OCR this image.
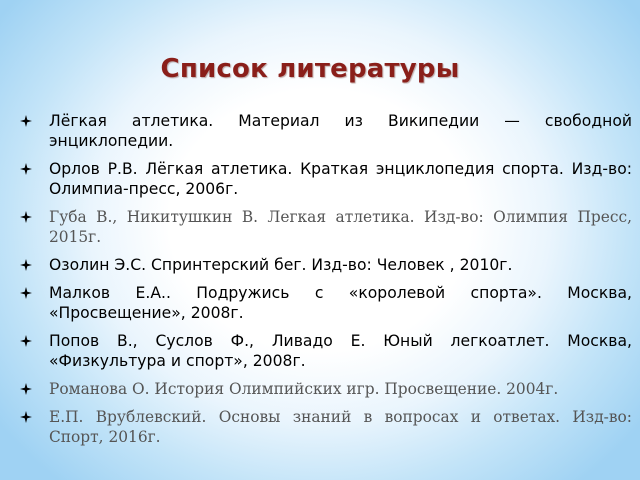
Список литературы
Лёгкая атлетика. Материал из Википедии — свободной энциклопедии.
Орлов Р.В. Лёгкая атлетика. Краткая энциклопедия спорта. Изд-во: Олимпиа-пресс, 2006г.
Губа В., Никитушкин В. Легкая атлетика. Изд-во: Олимпия Пресс, 2015г.
Озолин Э.С. Спринтерский бег. Изд-во: Человек , 2010г.
Малков Е.А.. Подружись с «королевой спорта». Москва, «Просвещение», 2008г.
Попов В., Суслов Ф., Ливадо Е. Юный легкоатлет. Москва, «Физкультура и спорт», 2008г.
Романова О. История Олимпийских игр. Просвещение. 2004г.
Е.П. Врублевский. Основы знаний в вопросах и ответах. Изд-во: Спорт, 2016г.
